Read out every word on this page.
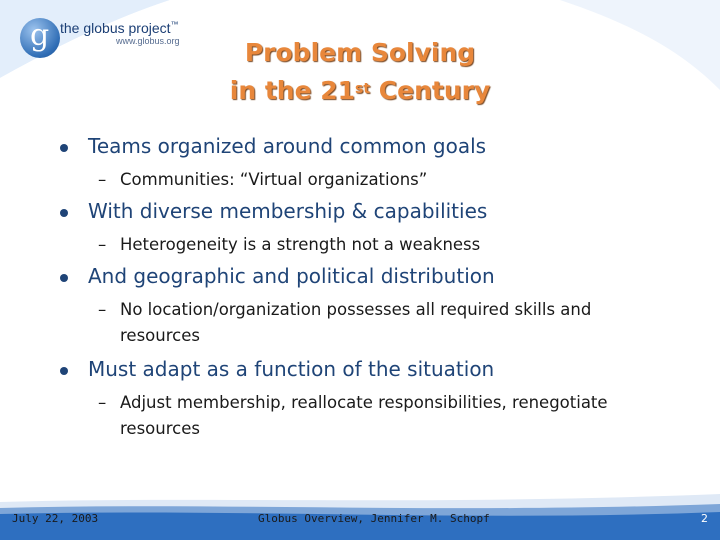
g the globus project™
www.globus.org	Problem Solving
in the 21st Century
Teams organized around common goals
– Communities: “Virtual organizations”
With diverse membership & capabilities
– Heterogeneity is a strength not a weakness
And geographic and political distribution
– No location/organization possesses all required skills and resources
Must adapt as a function of the situation
– Adjust membership, reallocate responsibilities, renegotiate resources
July 22, 2003	Globus Overview, Jennifer M. Schopf	2
